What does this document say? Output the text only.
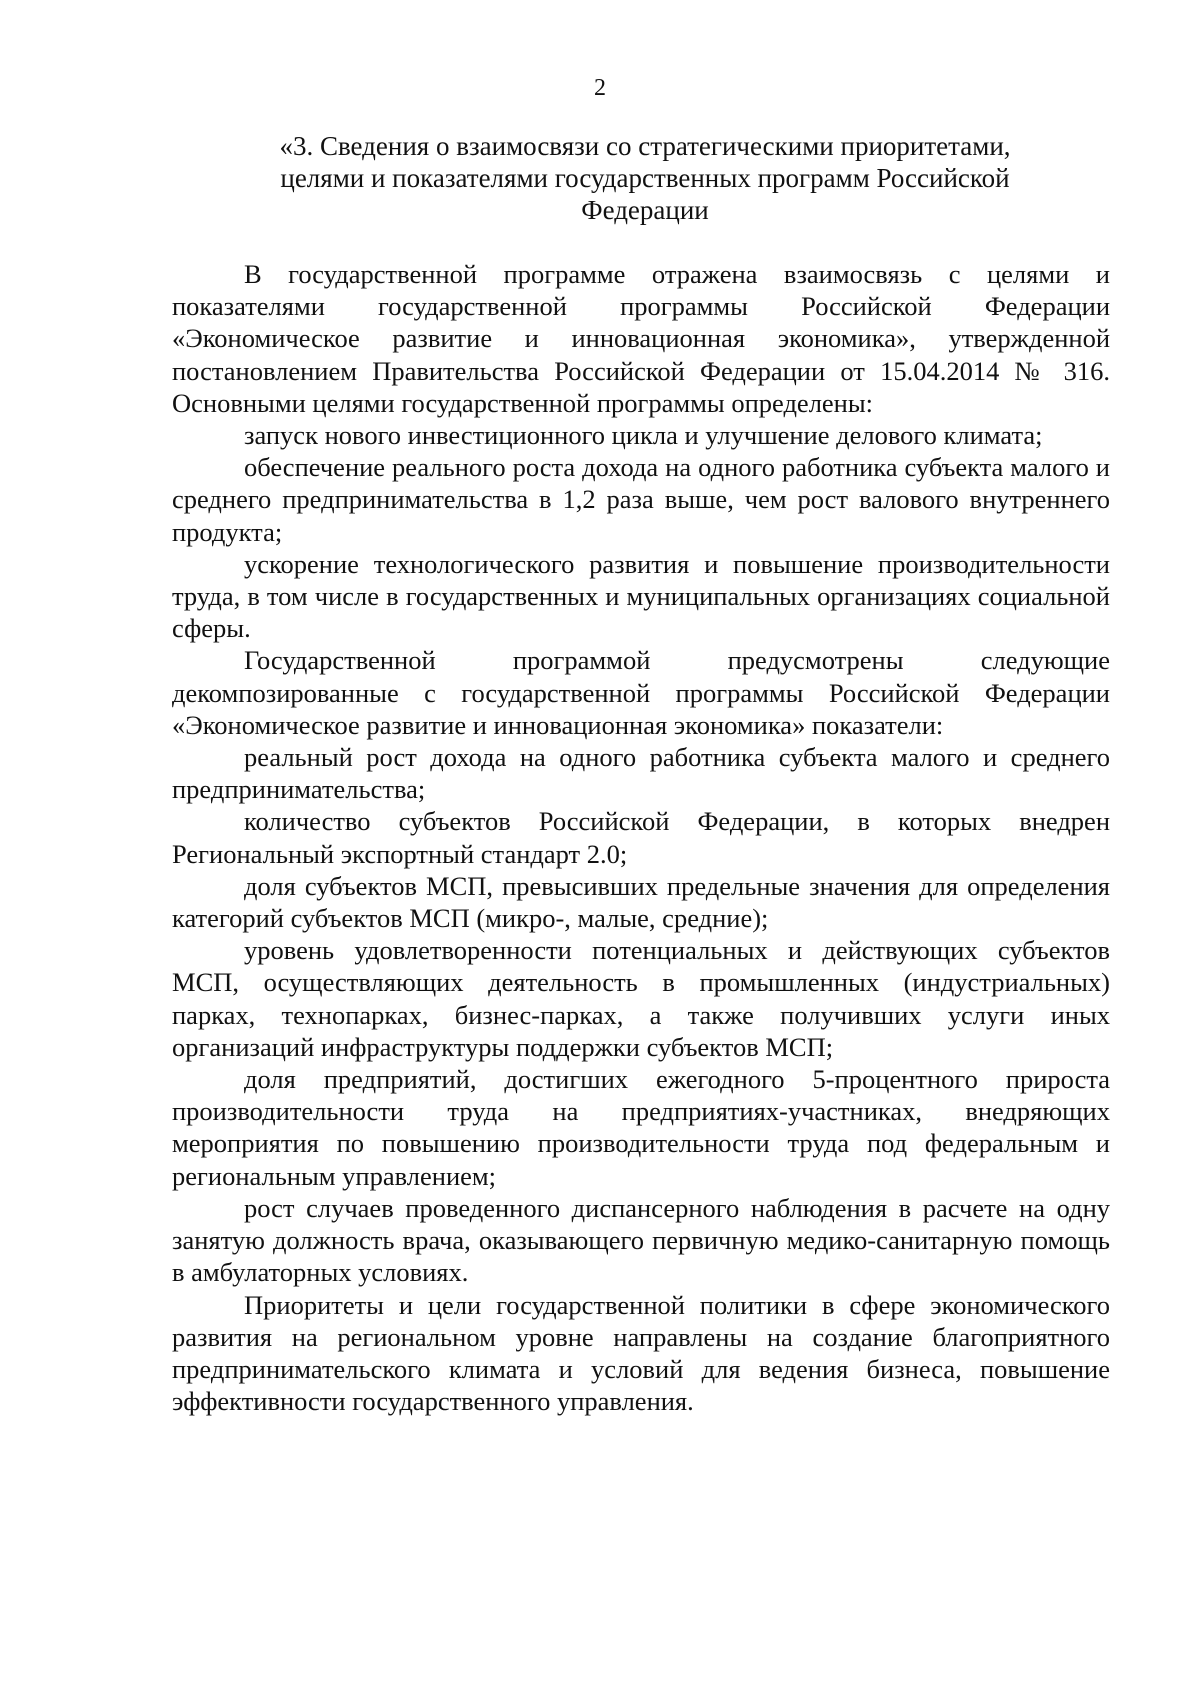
2
«3. Сведения о взаимосвязи со стратегическими приоритетами,
целями и показателями государственных программ Российской
Федерации

В государственной программе отражена взаимосвязь с целями и показателями государственной программы Российской Федерации «Экономическое развитие и инновационная экономика», утвержденной постановлением Правительства Российской Федерации от 15.04.2014 № 316. Основными целями государственной программы определены:

запуск нового инвестиционного цикла и улучшение делового климата;

обеспечение реального роста дохода на одного работника субъекта малого и среднего предпринимательства в 1,2 раза выше, чем рост валового внутреннего продукта;

ускорение технологического развития и повышение производительности труда, в том числе в государственных и муниципальных организациях социальной сферы.

Государственной программой предусмотрены следующие декомпозированные с государственной программы Российской Федерации «Экономическое развитие и инновационная экономика» показатели:

реальный рост дохода на одного работника субъекта малого и среднего предпринимательства;

количество субъектов Российской Федерации, в которых внедрен Региональный экспортный стандарт 2.0;

доля субъектов МСП, превысивших предельные значения для определения категорий субъектов МСП (микро-, малые, средние);

уровень удовлетворенности потенциальных и действующих субъектов МСП, осуществляющих деятельность в промышленных (индустриальных) парках, технопарках, бизнес-парках, а также получивших услуги иных организаций инфраструктуры поддержки субъектов МСП;

доля предприятий, достигших ежегодного 5-процентного прироста производительности труда на предприятиях-участниках, внедряющих мероприятия по повышению производительности труда под федеральным и региональным управлением;

рост случаев проведенного диспансерного наблюдения в расчете на одну занятую должность врача, оказывающего первичную медико-санитарную помощь в амбулаторных условиях.

Приоритеты и цели государственной политики в сфере экономического развития на региональном уровне направлены на создание благоприятного предпринимательского климата и условий для ведения бизнеса, повышение эффективности государственного управления.
